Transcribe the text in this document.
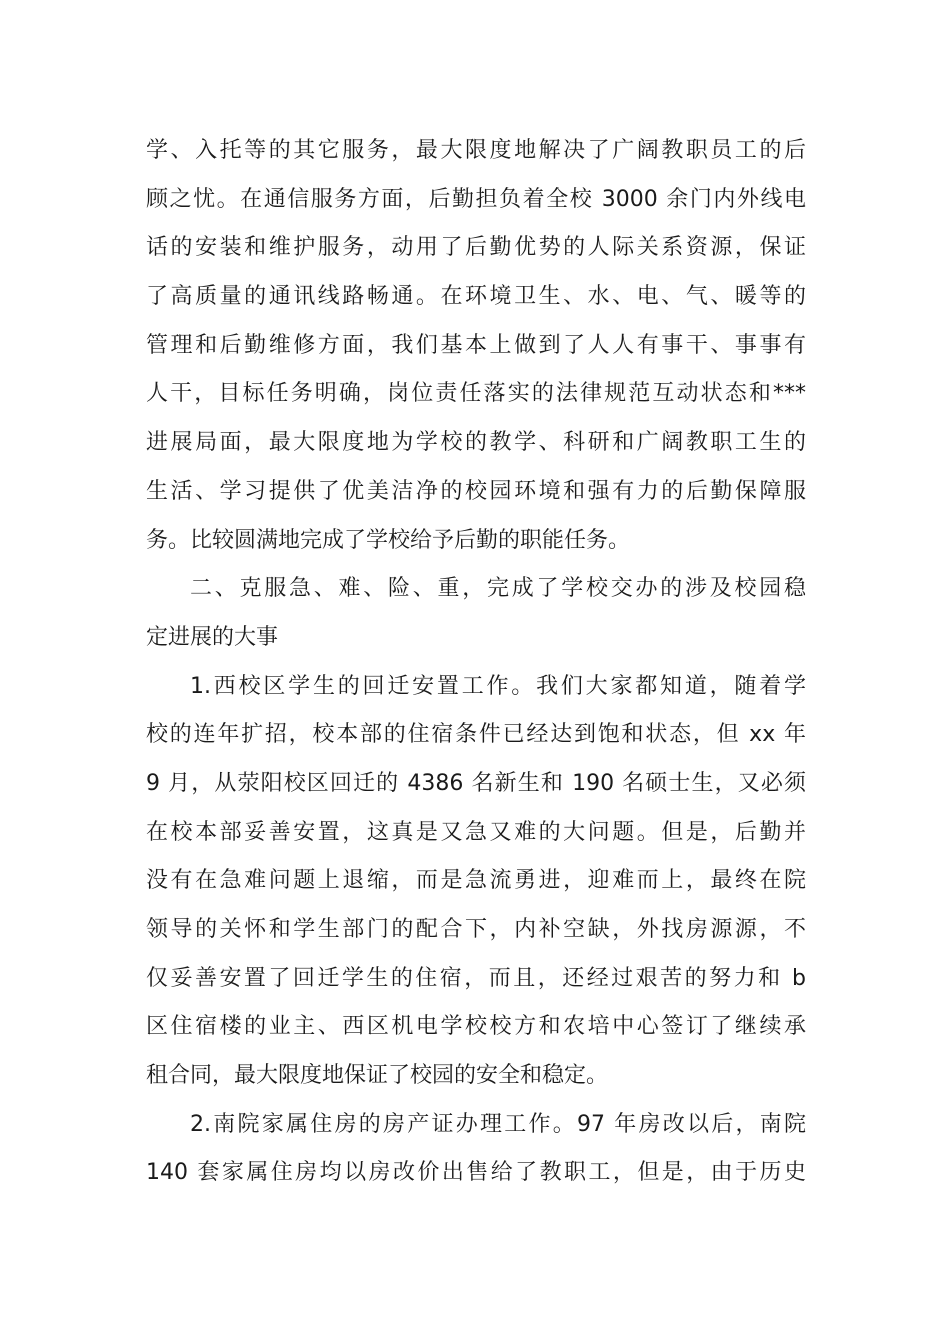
学、入托等的其它服务，最大限度地解决了广阔教职员工的后
顾之忧。在通信服务方面，后勤担负着全校 3000 余门内外线电
话的安装和维护服务，动用了后勤优势的人际关系资源，保证
了高质量的通讯线路畅通。在环境卫生、水、电、气、暖等的
管理和后勤维修方面，我们基本上做到了人人有事干、事事有
人干，目标任务明确，岗位责任落实的法律规范互动状态和***
进展局面，最大限度地为学校的教学、科研和广阔教职工生的
生活、学习提供了优美洁净的校园环境和强有力的后勤保障服
务。比较圆满地完成了学校给予后勤的职能任务。
二、克服急、难、险、重，完成了学校交办的涉及校园稳
定进展的大事
1.西校区学生的回迁安置工作。我们大家都知道，随着学
校的连年扩招，校本部的住宿条件已经达到饱和状态，但 xx 年
9 月，从荥阳校区回迁的 4386 名新生和 190 名硕士生，又必须
在校本部妥善安置，这真是又急又难的大问题。但是，后勤并
没有在急难问题上退缩，而是急流勇进，迎难而上，最终在院
领导的关怀和学生部门的配合下，内补空缺，外找房源源，不
仅妥善安置了回迁学生的住宿，而且，还经过艰苦的努力和 b
区住宿楼的业主、西区机电学校校方和农培中心签订了继续承
租合同，最大限度地保证了校园的安全和稳定。
2.南院家属住房的房产证办理工作。97 年房改以后，南院
140 套家属住房均以房改价出售给了教职工，但是，由于历史
